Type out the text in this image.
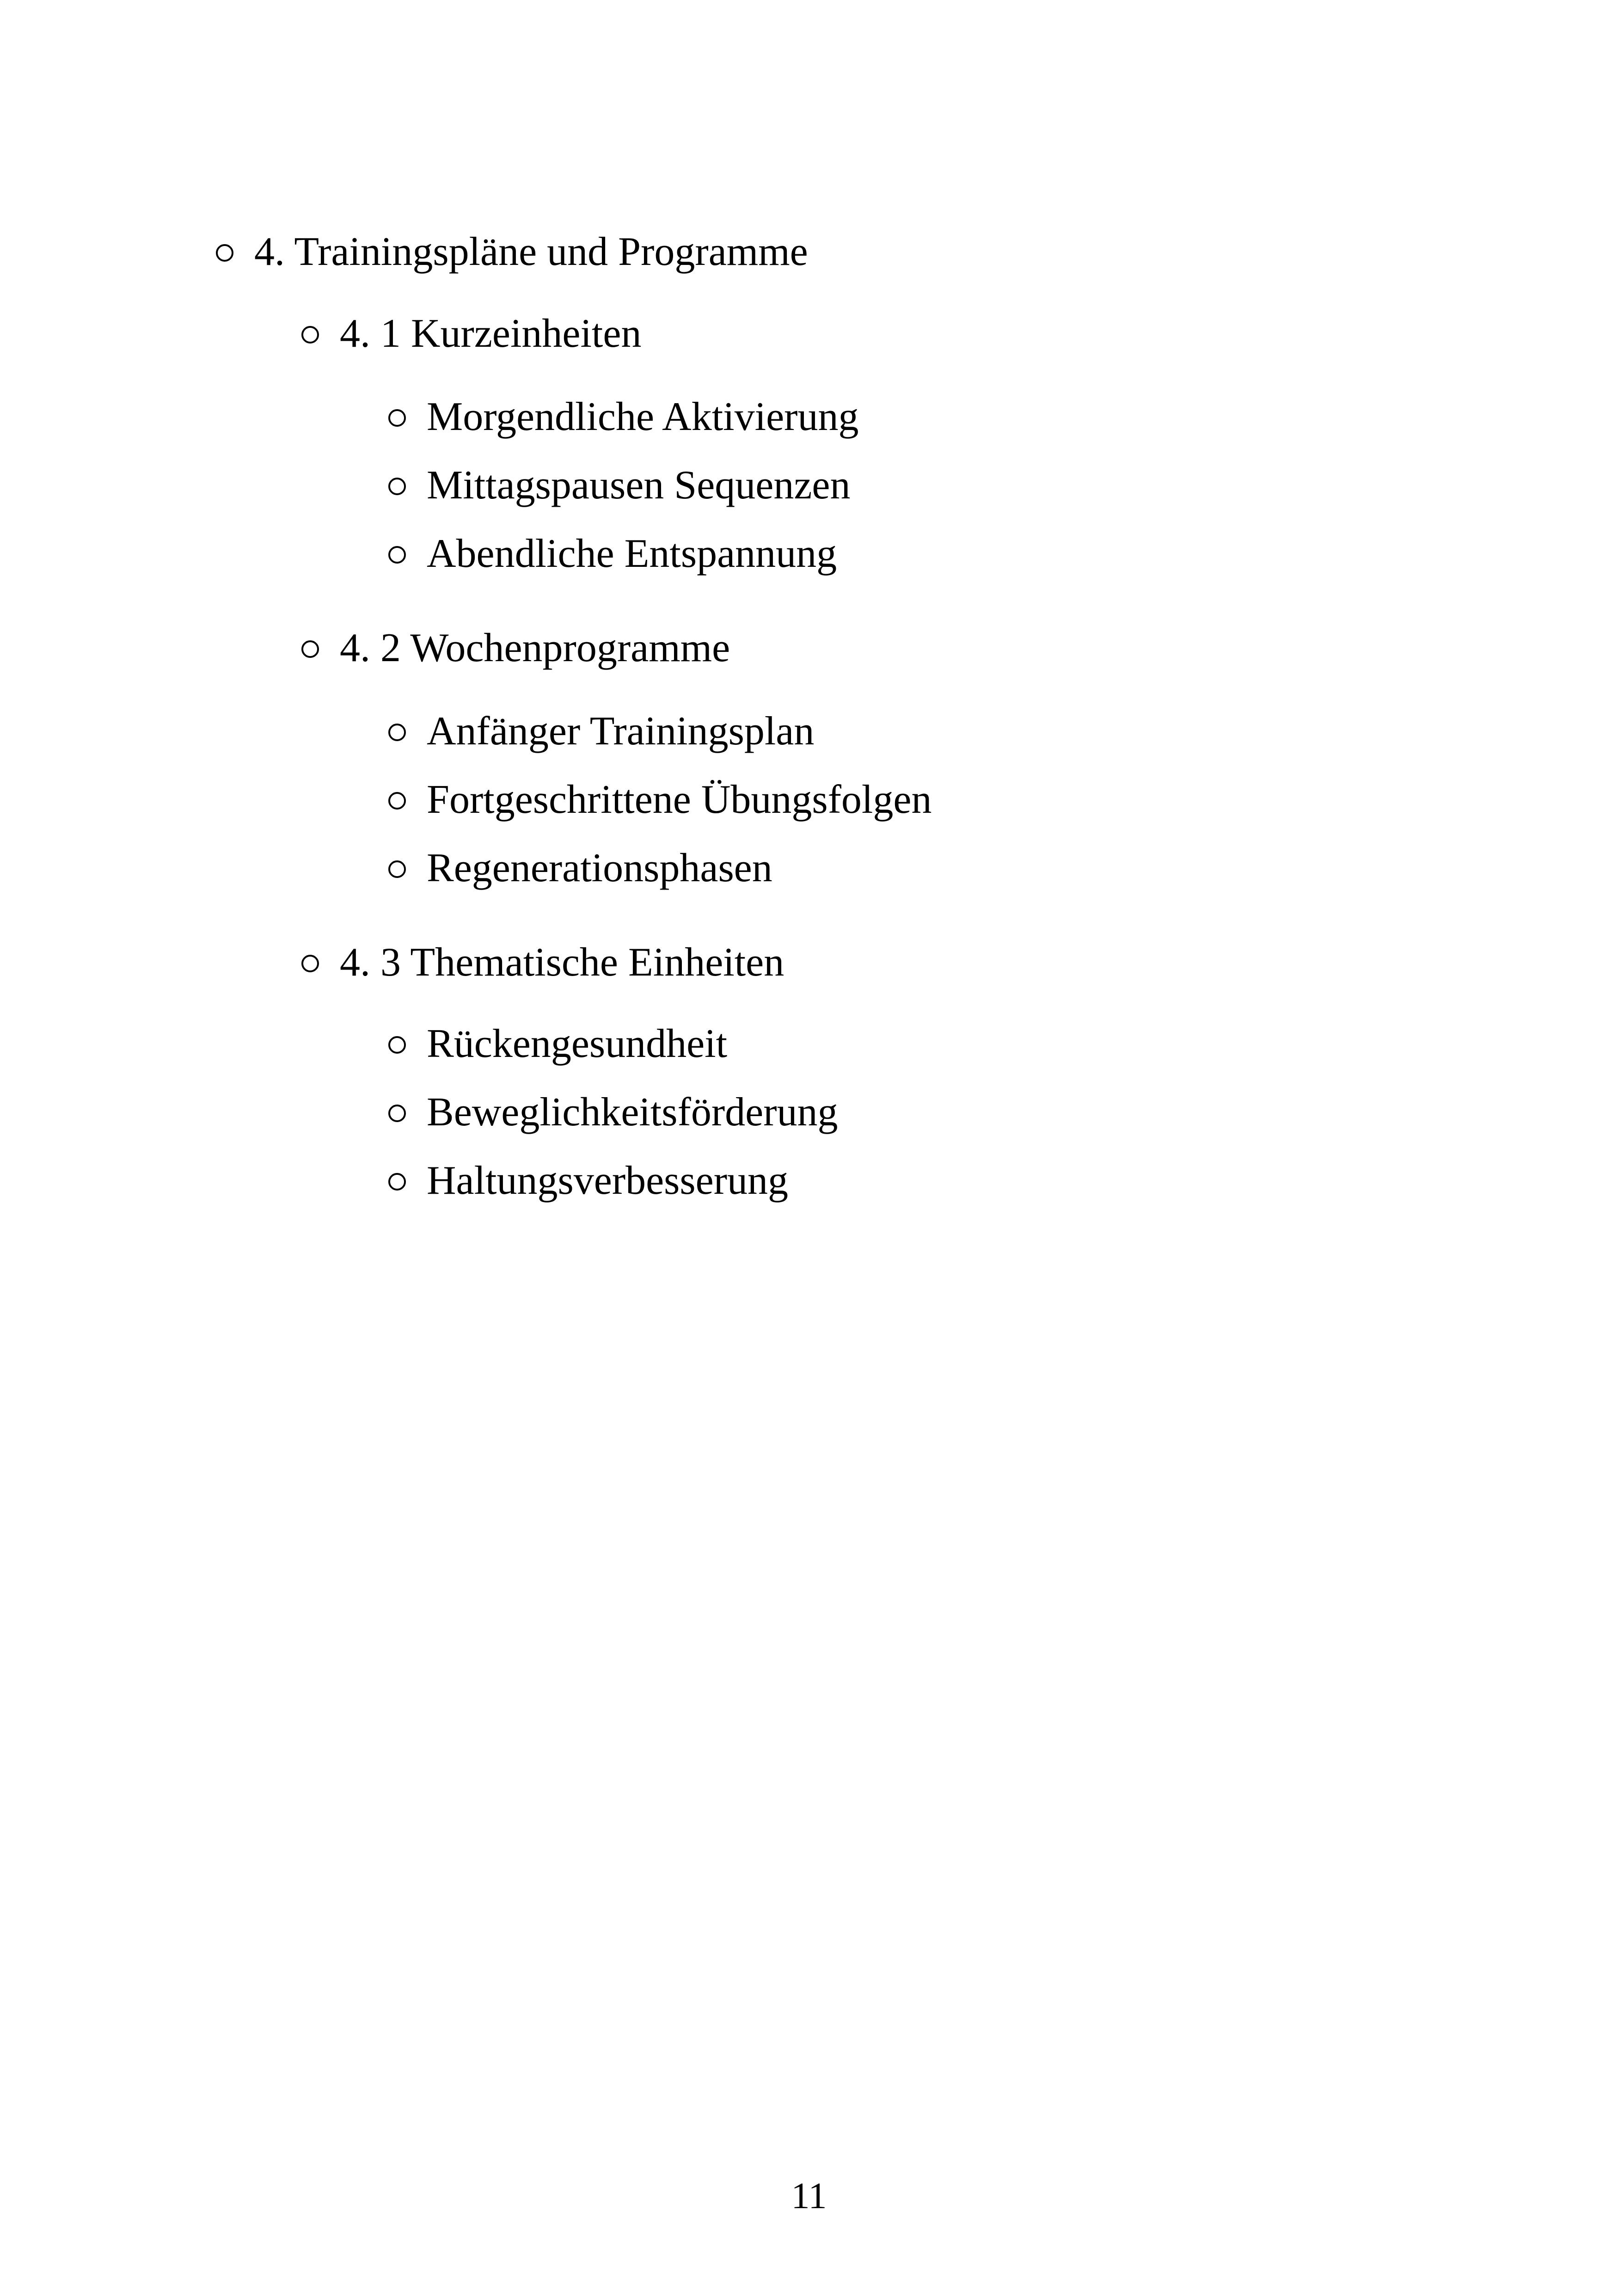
4. Trainingspläne und Programme
4. 1 Kurzeinheiten
Morgendliche Aktivierung
Mittagspausen Sequenzen
Abendliche Entspannung
4. 2 Wochenprogramme
Anfänger Trainingsplan
Fortgeschrittene Übungsfolgen
Regenerationsphasen
4. 3 Thematische Einheiten
Rückengesundheit
Beweglichkeitsförderung
Haltungsverbesserung
11
